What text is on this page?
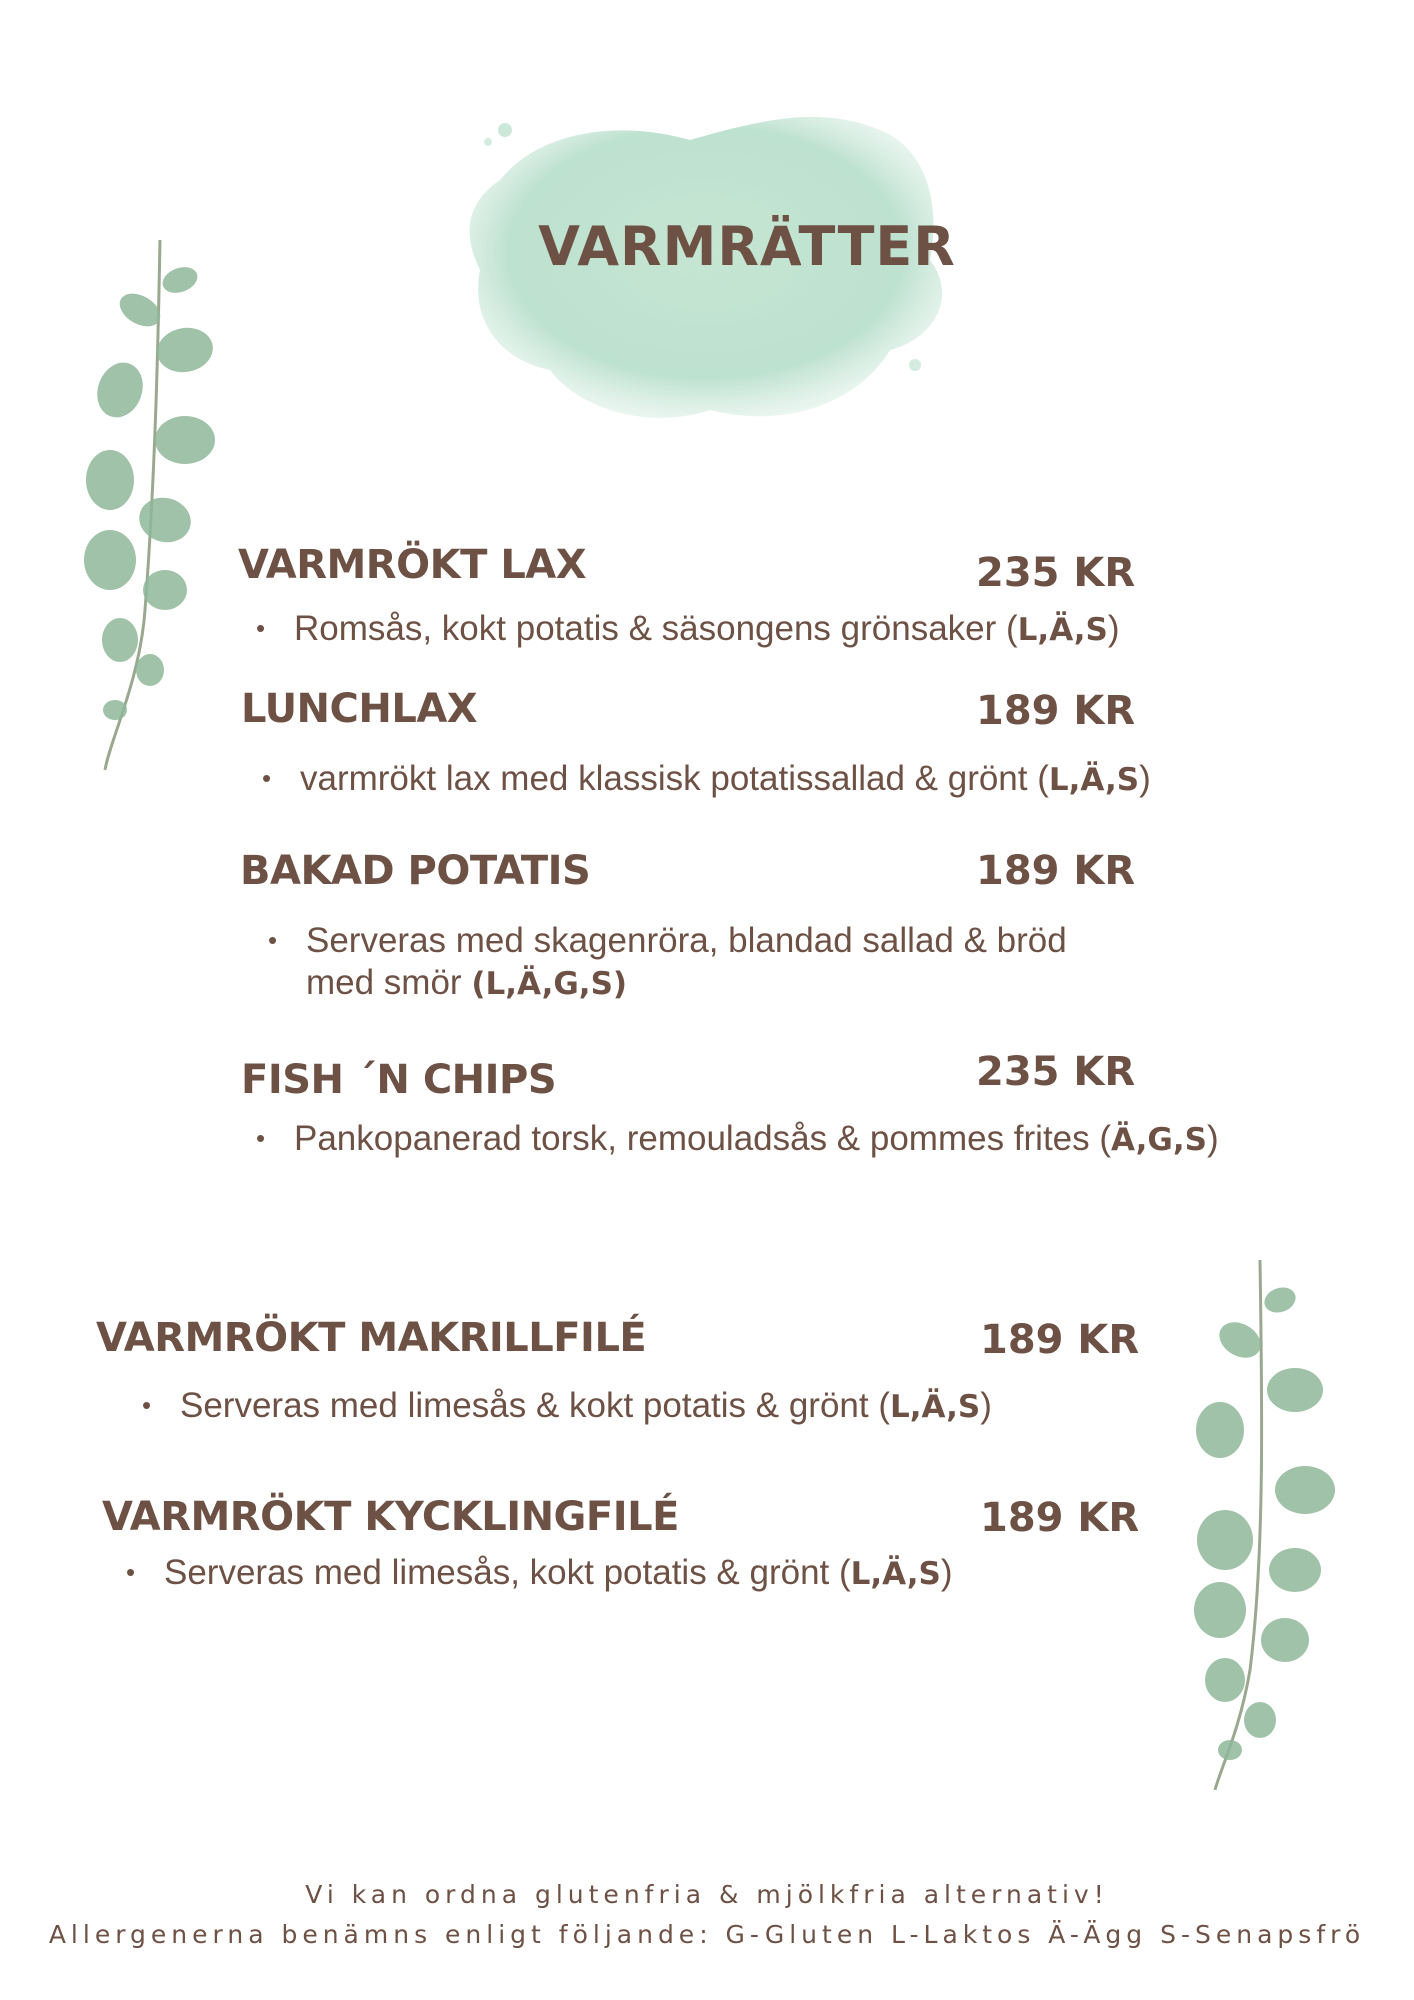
VARMRÄTTER
VARMRÖKT LAX	235 KR
• Romsås, kokt potatis & säsongens grönsaker (L,Ä,S)
LUNCHLAX	189 KR
• varmrökt lax med klassisk potatissallad & grönt (L,Ä,S)
BAKAD POTATIS	189 KR
• Serveras med skagenröra, blandad sallad & bröd
med smör (L,Ä,G,S)
FISH ´N CHIPS	235 KR
• Pankopanerad torsk, remouladsås & pommes frites (Ä,G,S)
VARMRÖKT MAKRILLFILÉ	189 KR
• Serveras med limesås & kokt potatis & grönt (L,Ä,S)
VARMRÖKT KYCKLINGFILÉ	189 KR
• Serveras med limesås, kokt potatis & grönt (L,Ä,S)
Vi kan ordna glutenfria & mjölkfria alternativ!
Allergenerna benämns enligt följande: G-Gluten L-Laktos Ä-Ägg S-Senapsfrö
